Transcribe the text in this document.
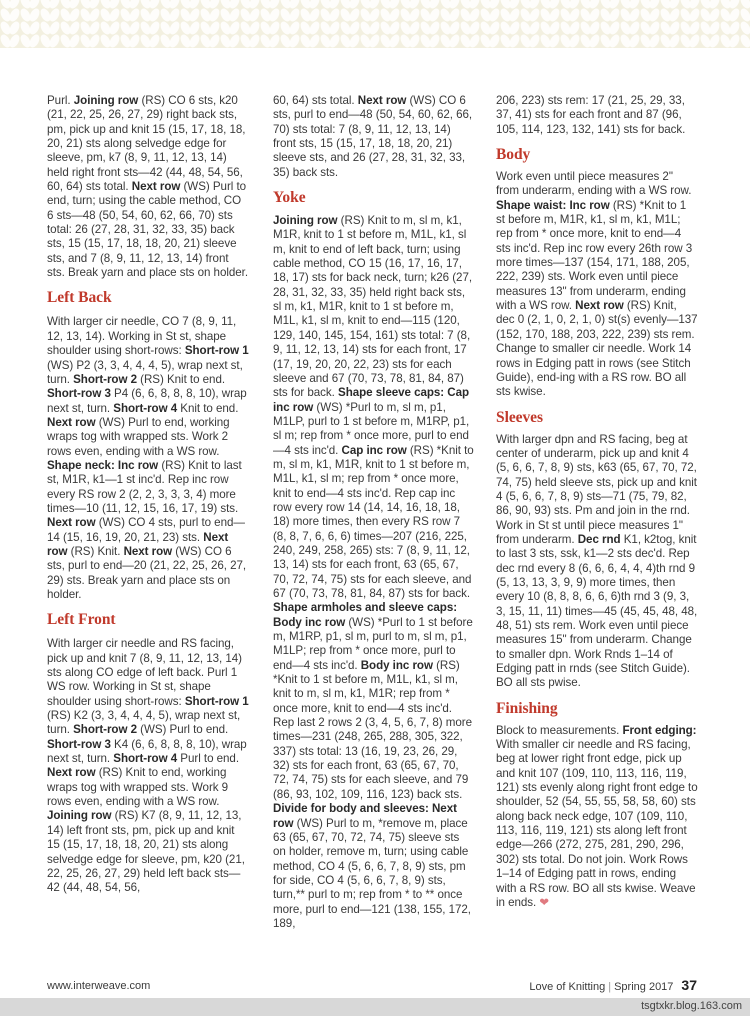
Purl. Joining row (RS) CO 6 sts, k20 (21, 22, 25, 26, 27, 29) right back sts, pm, pick up and knit 15 (15, 17, 18, 18, 20, 21) sts along selvedge edge for sleeve, pm, k7 (8, 9, 11, 12, 13, 14) held right front sts—42 (44, 48, 54, 56, 60, 64) sts total. Next row (WS) Purl to end, turn; using the cable method, CO 6 sts—48 (50, 54, 60, 62, 66, 70) sts total: 26 (27, 28, 31, 32, 33, 35) back sts, 15 (15, 17, 18, 18, 20, 21) sleeve sts, and 7 (8, 9, 11, 12, 13, 14) front sts. Break yarn and place sts on holder.

Left Back

With larger cir needle, CO 7 (8, 9, 11, 12, 13, 14). Working in St st, shape shoulder using short-rows: Short-row 1 (WS) P2 (3, 3, 4, 4, 4, 5), wrap next st, turn. Short-row 2 (RS) Knit to end. Short-row 3 P4 (6, 6, 8, 8, 8, 10), wrap next st, turn. Short-row 4 Knit to end. Next row (WS) Purl to end, working wraps tog with wrapped sts. Work 2 rows even, ending with a WS row. Shape neck: Inc row (RS) Knit to last st, M1R, k1—1 st inc'd. Rep inc row every RS row 2 (2, 2, 3, 3, 3, 4) more times—10 (11, 12, 15, 16, 17, 19) sts. Next row (WS) CO 4 sts, purl to end—14 (15, 16, 19, 20, 21, 23) sts. Next row (RS) Knit. Next row (WS) CO 6 sts, purl to end—20 (21, 22, 25, 26, 27, 29) sts. Break yarn and place sts on holder.

Left Front

With larger cir needle and RS facing, pick up and knit 7 (8, 9, 11, 12, 13, 14) sts along CO edge of left back. Purl 1 WS row. Working in St st, shape shoulder using short-rows: Short-row 1 (RS) K2 (3, 3, 4, 4, 4, 5), wrap next st, turn. Short-row 2 (WS) Purl to end. Short-row 3 K4 (6, 6, 8, 8, 8, 10), wrap next st, turn. Short-row 4 Purl to end. Next row (RS) Knit to end, working wraps tog with wrapped sts. Work 9 rows even, ending with a WS row. Joining row (RS) K7 (8, 9, 11, 12, 13, 14) left front sts, pm, pick up and knit 15 (15, 17, 18, 18, 20, 21) sts along selvedge edge for sleeve, pm, k20 (21, 22, 25, 26, 27, 29) held left back sts—42 (44, 48, 54, 56,

60, 64) sts total. Next row (WS) CO 6 sts, purl to end—48 (50, 54, 60, 62, 66, 70) sts total: 7 (8, 9, 11, 12, 13, 14) front sts, 15 (15, 17, 18, 18, 20, 21) sleeve sts, and 26 (27, 28, 31, 32, 33, 35) back sts.

Yoke

Joining row (RS) Knit to m, sl m, k1, M1R, knit to 1 st before m, M1L, k1, sl m, knit to end of left back, turn; using cable method, CO 15 (16, 17, 16, 17, 18, 17) sts for back neck, turn; k26 (27, 28, 31, 32, 33, 35) held right back sts, sl m, k1, M1R, knit to 1 st before m, M1L, k1, sl m, knit to end—115 (120, 129, 140, 145, 154, 161) sts total: 7 (8, 9, 11, 12, 13, 14) sts for each front, 17 (17, 19, 20, 20, 22, 23) sts for each sleeve and 67 (70, 73, 78, 81, 84, 87) sts for back. Shape sleeve caps: Cap inc row (WS) *Purl to m, sl m, p1, M1LP, purl to 1 st before m, M1RP, p1, sl m; rep from * once more, purl to end—4 sts inc'd. Cap inc row (RS) *Knit to m, sl m, k1, M1R, knit to 1 st before m, M1L, k1, sl m; rep from * once more, knit to end—4 sts inc'd. Rep cap inc row every row 14 (14, 14, 16, 18, 18, 18) more times, then every RS row 7 (8, 8, 7, 6, 6, 6) times—207 (216, 225, 240, 249, 258, 265) sts: 7 (8, 9, 11, 12, 13, 14) sts for each front, 63 (65, 67, 70, 72, 74, 75) sts for each sleeve, and 67 (70, 73, 78, 81, 84, 87) sts for back. Shape armholes and sleeve caps: Body inc row (WS) *Purl to 1 st before m, M1RP, p1, sl m, purl to m, sl m, p1, M1LP; rep from * once more, purl to end—4 sts inc'd. Body inc row (RS) *Knit to 1 st before m, M1L, k1, sl m, knit to m, sl m, k1, M1R; rep from * once more, knit to end—4 sts inc'd. Rep last 2 rows 2 (3, 4, 5, 6, 7, 8) more times—231 (248, 265, 288, 305, 322, 337) sts total: 13 (16, 19, 23, 26, 29, 32) sts for each front, 63 (65, 67, 70, 72, 74, 75) sts for each sleeve, and 79 (86, 93, 102, 109, 116, 123) back sts. Divide for body and sleeves: Next row (WS) Purl to m, *remove m, place 63 (65, 67, 70, 72, 74, 75) sleeve sts on holder, remove m, turn; using cable method, CO 4 (5, 6, 6, 7, 8, 9) sts, pm for side, CO 4 (5, 6, 6, 7, 8, 9) sts, turn,** purl to m; rep from * to ** once more, purl to end—121 (138, 155, 172, 189,

206, 223) sts rem: 17 (21, 25, 29, 33, 37, 41) sts for each front and 87 (96, 105, 114, 123, 132, 141) sts for back.

Body

Work even until piece measures 2" from underarm, ending with a WS row. Shape waist: Inc row (RS) *Knit to 1 st before m, M1R, k1, sl m, k1, M1L; rep from * once more, knit to end—4 sts inc'd. Rep inc row every 26th row 3 more times—137 (154, 171, 188, 205, 222, 239) sts. Work even until piece measures 13" from underarm, ending with a WS row. Next row (RS) Knit, dec 0 (2, 1, 0, 2, 1, 0) st(s) evenly—137 (152, 170, 188, 203, 222, 239) sts rem. Change to smaller cir needle. Work 14 rows in Edging patt in rows (see Stitch Guide), end-ing with a RS row. BO all sts kwise.

Sleeves

With larger dpn and RS facing, beg at center of underarm, pick up and knit 4 (5, 6, 6, 7, 8, 9) sts, k63 (65, 67, 70, 72, 74, 75) held sleeve sts, pick up and knit 4 (5, 6, 6, 7, 8, 9) sts—71 (75, 79, 82, 86, 90, 93) sts. Pm and join in the rnd. Work in St st until piece measures 1" from underarm. Dec rnd K1, k2tog, knit to last 3 sts, ssk, k1—2 sts dec'd. Rep dec rnd every 8 (6, 6, 6, 4, 4, 4)th rnd 9 (5, 13, 13, 3, 9, 9) more times, then every 10 (8, 8, 8, 6, 6, 6)th rnd 3 (9, 3, 3, 15, 11, 11) times—45 (45, 45, 48, 48, 48, 51) sts rem. Work even until piece measures 15" from underarm. Change to smaller dpn. Work Rnds 1–14 of Edging patt in rnds (see Stitch Guide). BO all sts pwise.

Finishing

Block to measurements. Front edging: With smaller cir needle and RS facing, beg at lower right front edge, pick up and knit 107 (109, 110, 113, 116, 119, 121) sts evenly along right front edge to shoulder, 52 (54, 55, 55, 58, 58, 60) sts along back neck edge, 107 (109, 110, 113, 116, 119, 121) sts along left front edge—266 (272, 275, 281, 290, 296, 302) sts total. Do not join. Work Rows 1–14 of Edging patt in rows, ending with a RS row. BO all sts kwise. Weave in ends. ❤

www.interweave.com	Love of Knitting | Spring 2017 37
tsgtxkr.blog.163.com
